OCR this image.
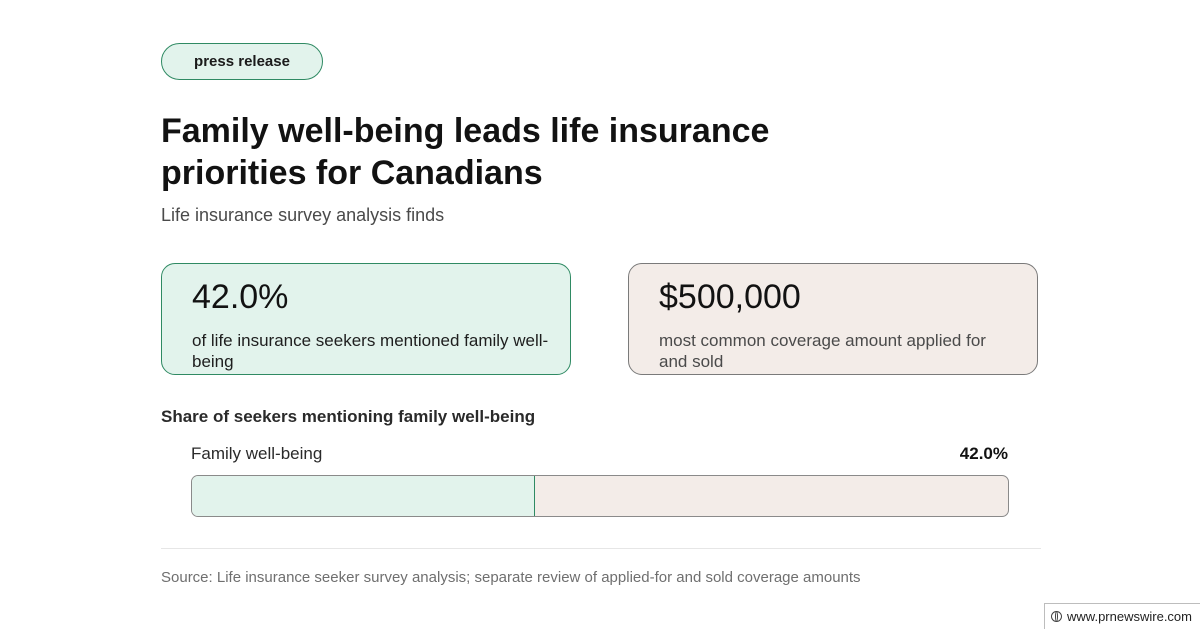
press release
Family well-being leads life insurance priorities for Canadians

Life insurance survey analysis finds

42.0%
of life insurance seekers mentioned family well-being
$500,000
most common coverage amount applied for and sold
Share of seekers mentioning family well-being
Family well-being	42.0%
Source: Life insurance seeker survey analysis; separate review of applied-for and sold coverage amounts
www.prnewswire.com
